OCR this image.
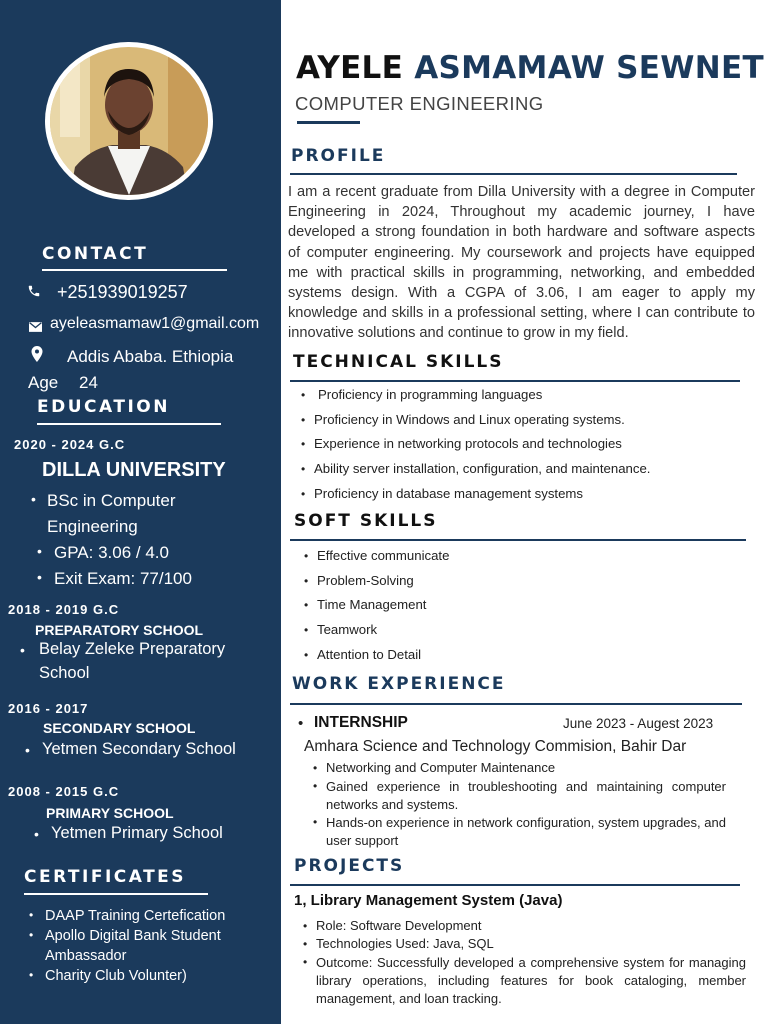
CONTACT
+251939019257
ayeleasmamaw1@gmail.com
Addis Ababa. Ethiopia
Age 24
EDUCATION
2020 - 2024 G.C
DILLA UNIVERSITY
• BSc in Computer Engineering
• GPA: 3.06 / 4.0
• Exit Exam: 77/100
2018 - 2019 G.C
PREPARATORY SCHOOL
• Belay Zeleke Preparatory School
2016 - 2017
SECONDARY SCHOOL
• Yetmen Secondary School
2008 - 2015 G.C
PRIMARY SCHOOL
• Yetmen Primary School
CERTIFICATES
• DAAP Training Certefication
• Apollo Digital Bank Student Ambassador
• Charity Club Volunter)
AYELE ASMAMAW SEWNET
COMPUTER ENGINEERING
PROFILE
I am a recent graduate from Dilla University with a degree in Computer Engineering in 2024, Throughout my academic journey, I have developed a strong foundation in both hardware and software aspects of computer engineering. My coursework and projects have equipped me with practical skills in programming, networking, and embedded systems design. With a CGPA of 3.06, I am eager to apply my knowledge and skills in a professional setting, where I can contribute to innovative solutions and continue to grow in my field.
TECHNICAL SKILLS
• Proficiency in programming languages
• Proficiency in Windows and Linux operating systems.
• Experience in networking protocols and technologies
• Ability server installation, configuration, and maintenance.
• Proficiency in database management systems
SOFT SKILLS
• Effective communicate
• Problem-Solving
• Time Management
• Teamwork
• Attention to Detail
WORK EXPERIENCE
• INTERNSHIP	June 2023 - Augest 2023
Amhara Science and Technology Commision, Bahir Dar
• Networking and Computer Maintenance
• Gained experience in troubleshooting and maintaining computer networks and systems.
• Hands-on experience in network configuration, system upgrades, and user support
PROJECTS
1, Library Management System (Java)
• Role: Software Development
• Technologies Used: Java, SQL
• Outcome: Successfully developed a comprehensive system for managing library operations, including features for book cataloging, member management, and loan tracking.
